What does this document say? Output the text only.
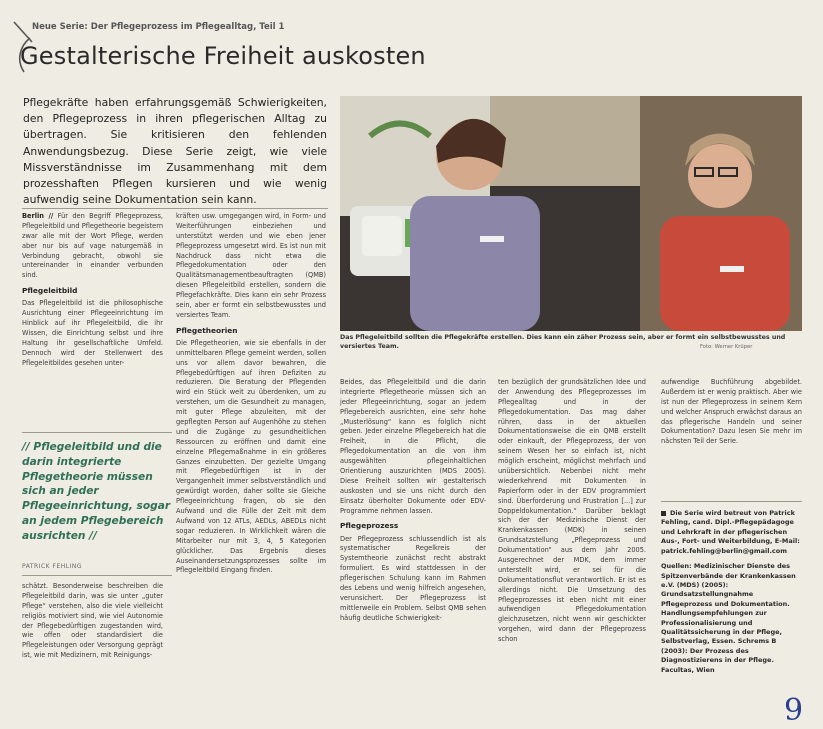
Neue Serie: Der Pflegeprozess im Pflegealltag, Teil 1
Gestalterische Freiheit auskosten

Pflegekräfte haben erfahrungsgemäß Schwierigkeiten, den Pflegeprozess in ihren pflegerischen Alltag zu übertragen. Sie kritisieren den fehlenden Anwendungsbezug. Diese Serie zeigt, wie viele Missverständnisse im Zusammenhang mit dem prozesshaften Pflegen kursieren und wie wenig aufwendig seine Dokumentation sein kann.

Berlin // Für den Begriff Pflegeprozess, Pflegeleitbild und Pflegetheorie begeistern zwar alle mit der Wort Pflege, werden aber nur bis auf vage naturgemäß in Verbindung gebracht, obwohl sie untereinander in einander verbunden sind.

Pflegeleitbild

Das Pflegeleitbild ist die philosophische Ausrichtung einer Pflegeeinrichtung im Hinblick auf ihr Pflegeleitbild, die ihr Wissen, die Einrichtung selbst und ihre Haltung ihr gesellschaftliche Umfeld. Dennoch wird der Stellenwert des Pflegeleitbildes gesehen unter-

// Pflegeleitbild und die darin integrierte Pflegetheorie müssen sich an jeder Pflegeeinrichtung, sogar an jedem Pflegebereich ausrichten //
PATRICK FEHLING

schätzt. Besonderweise beschreiben die Pflegeleitbild darin, was sie unter „guter Pflege“ verstehen, also die viele vielleicht religiös motiviert sind, wie viel Autonomie der Pflegebedürftigen zugestanden wird, wie offen oder standardisiert die Pflegeleistungen oder Versorgung geprägt ist, wie mit Medizinern, mit Reinigungs-

kräften usw. umgegangen wird, in Form- und Weiterführungen einbeziehen und unterstützt werden und wie eben jener Pflegeprozess umgesetzt wird. Es ist nun mit Nachdruck dass nicht etwa die Pflegedokumentation oder den Qualitätsmanagementbeauftragten (QMB) diesen Pflegeleitbild erstellen, sondern die Pflegefachkräfte. Dies kann ein sehr Prozess sein, aber er formt ein selbstbewusstes und versiertes Team.

Pflegetheorien

Die Pflegetheorien, wie sie ebenfalls in der unmittelbaren Pflege gemeint werden, sollen uns vor allem davor bewahren, die Pflegebedürftigen auf ihren Defiziten zu reduzieren. Die Beratung der Pflegenden wird ein Stück weit zu überdenken, um zu verstehen, um die Gesundheit zu managen, mit guter Pflege abzuleiten, mit der gepflegten Person auf Augenhöhe zu stehen und die Zugänge zu gesundheitlichen Ressourcen zu eröffnen und damit eine einzelne Pflegemaßnahme in ein größeres Ganzes einzubetten. Der gezielte Umgang mit Pflegebedürftigen ist in der Vergangenheit immer selbstverständlich und gewürdigt worden, daher sollte sie Gleiche Pflegeeinrichtung fragen, ob sie den Aufwand und die Fülle der Zeit mit dem Aufwand von 12 ATLs, AEDLs, ABEDLs nicht sogar reduzieren. In Wirklichkeit wären die Mitarbeiter nur mit 3, 4, 5 Kategorien glücklicher. Das Ergebnis dieses Auseinandersetzungsprozesses sollte im Pflegeleitbild Eingang finden.

Das Pflegeleitbild sollten die Pflegekräfte erstellen. Dies kann ein zäher Prozess sein, aber er formt ein selbstbewusstes und versiertes Team.	Foto: Werner Krüper

Beides, das Pflegeleitbild und die darin integrierte Pflegetheorie müssen sich an jeder Pflegeeinrichtung, sogar an jedem Pflegebereich ausrichten, eine sehr hohe „Musterlösung“ kann es folglich nicht geben. Jeder einzelne Pflegebereich hat die Freiheit, in die Pflicht, die Pflegedokumentation an die von ihm ausgewählten pflegeinhaltlichen Orientierung auszurichten (MDS 2005). Diese Freiheit sollten wir gestalterisch auskosten und sie uns nicht durch den Einsatz überholter Dokumente oder EDV-Programme nehmen lassen.

Pflegeprozess

Der Pflegeprozess schlussendlich ist als systematischer Regelkreis der Systemtheorie zunächst recht abstrakt formuliert. Es wird stattdessen in der pflegerischen Schulung kann im Rahmen des Lebens und wenig hilfreich angesehen, verunsichert. Der Pflegeprozess ist mittlerweile ein Problem. Selbst QMB sehen häufig deutliche Schwierigkeit-

ten bezüglich der grundsätzlichen Idee und der Anwendung des Pflegeprozesses im Pflegealltag und in der Pflegedokumentation. Das mag daher rühren, dass in der aktuellen Dokumentationsweise die ein QMB erstellt oder einkauft, der Pflegeprozess, der von seinem Wesen her so einfach ist, nicht möglich erscheint, möglichst mehrfach und unübersichtlich. Nebenbei nicht mehr wiederkehrend mit Dokumenten in Papierform oder in der EDV programmiert sind. Überforderung und Frustration [...] zur Doppeldokumentation.“ Darüber beklagt sich der der Medizinische Dienst der Krankenkassen (MDK) in seinen Grundsatzstellung „Pflegeprozess und Dokumentation“ aus dem Jahr 2005. Ausgerechnet der MDK, dem immer unterstellt wird, er sei für die Dokumentationsflut verantwortlich. Er ist es allerdings nicht. Die Umsetzung des Pflegeprozesses ist eben nicht mit einer aufwendigen Pflegedokumentation gleichzusetzen, nicht wenn wir geschickter vorgehen, wird dann der Pflegeprozess schon

aufwendige Buchführung abgebildet. Außerdem ist er wenig praktisch. Aber wie ist nun der Pflegeprozess in seinem Kern und welcher Anspruch erwächst daraus an das pflegerische Handeln und seiner Dokumentation? Dazu lesen Sie mehr im nächsten Teil der Serie.

Die Serie wird betreut von Patrick Fehling, cand. Dipl.-Pflegepädagoge und Lehrkraft in der pflegerischen Aus-, Fort- und Weiterbildung, E-Mail: patrick.fehling@berlin@gmail.com

Quellen: Medizinischer Dienste des Spitzenverbände der Krankenkassen e.V. (MDS) (2005): Grundsatzstellungnahme Pflegeprozess und Dokumentation. Handlungsempfehlungen zur Professionalisierung und Qualitätssicherung in der Pflege, Selbstverlag, Essen. Schrems B (2003): Der Prozess des Diagnostizierens in der Pflege. Facultas, Wien

9
